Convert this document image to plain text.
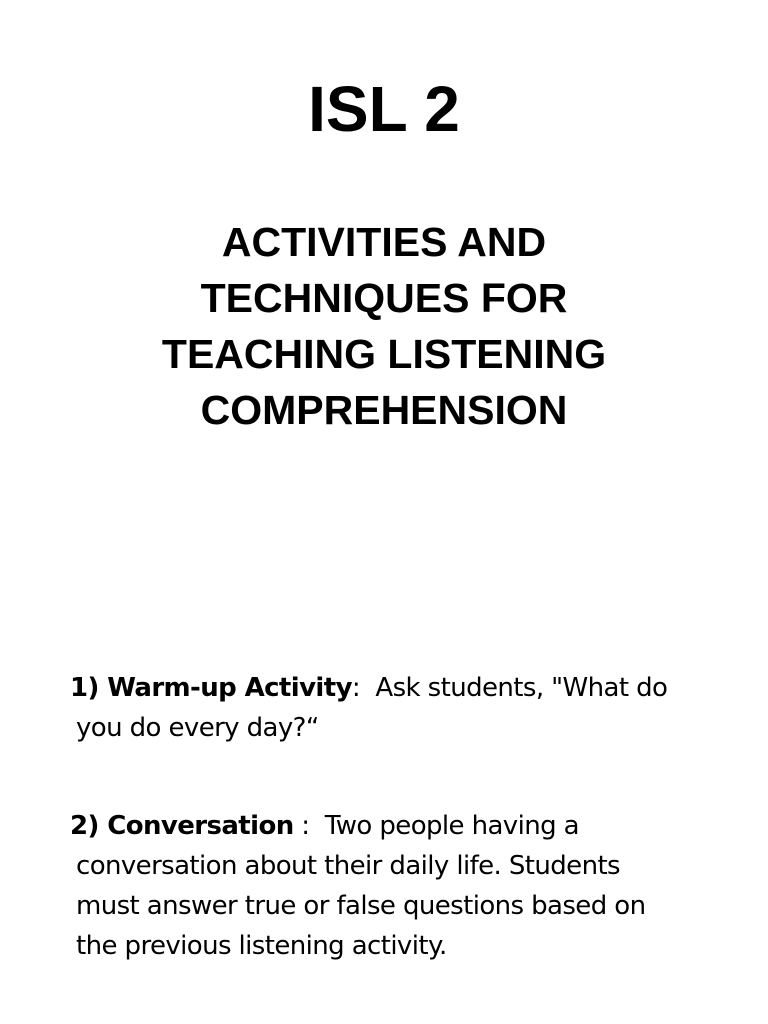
ISL 2
ACTIVITIES AND
TECHNIQUES FOR
TEACHING LISTENING
COMPREHENSION

1) Warm-up Activity:  Ask students, "What do
you do every day?“

2) Conversation :  Two people having a
conversation about their daily life. Students
must answer true or false questions based on
the previous listening activity.
